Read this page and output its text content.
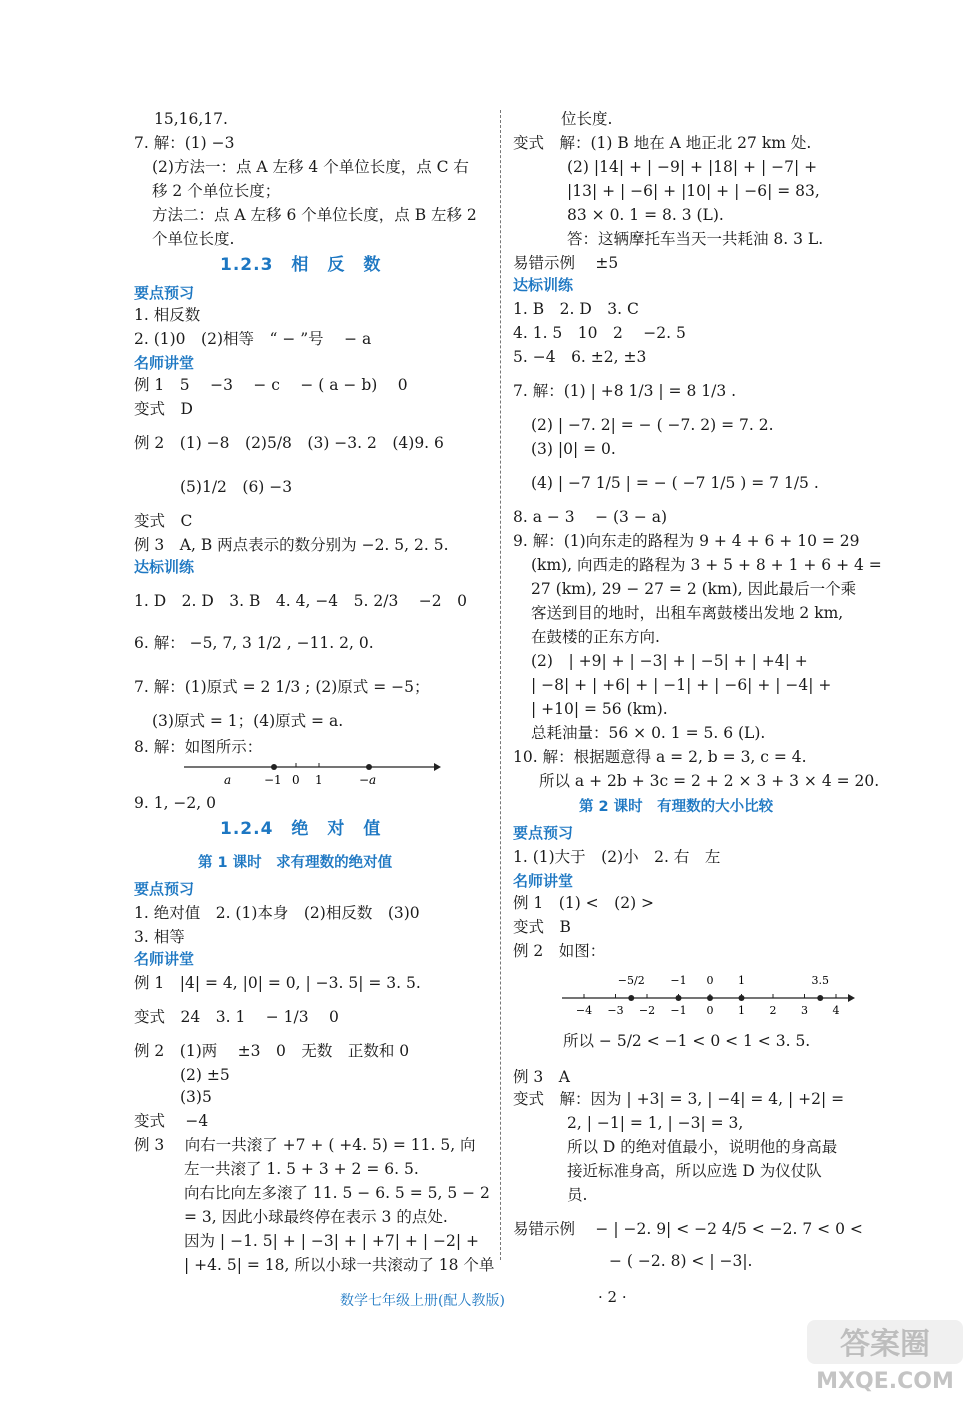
15,16,17.
7. 解：(1) −3
(2)方法一：点 A 左移 4 个单位长度，点 C 右
移 2 个单位长度；
方法二：点 A 左移 6 个单位长度，点 B 左移 2
个单位长度.
1.2.3　相　反　数
要点预习
1. 相反数
2. (1)0　(2)相等　“ − ”号　 − a
名师讲堂
例 1　5　 −3　 − c　 − ( a − b)　 0
变式　D
例 2　(1) −8　(2)5/8　(3) −3. 2　(4)9. 6
(5)1/2　(6) −3
变式　C
例 3　A, B 两点表示的数分别为 −2. 5, 2. 5.
达标训练
1. D　2. D　3. B　4. 4, −4　5. 2/3　 −2　0
6. 解： −5, 7, 3 1/2 , −11. 2, 0.
7. 解：(1)原式 = 2 1/3 ; (2)原式 = −5；
(3)原式 = 1；(4)原式 = a.
8. 解：如图所示：
9. 1, −2, 0
1.2.4　绝　对　值
第 1 课时　求有理数的绝对值
要点预习
1. 绝对值　2. (1)本身　(2)相反数　(3)0
3. 相等
名师讲堂
例 1　|4| = 4, |0| = 0, | −3. 5| = 3. 5.
变式　24　3. 1　 − 1/3　 0
例 2　(1)两　 ±3　0　无数　正数和 0
(2) ±5
(3)5
变式　 −4
例 3　 向右一共滚了 +7 + ( +4. 5) = 11. 5, 向
左一共滚了 1. 5 + 3 + 2 = 6. 5.
向右比向左多滚了 11. 5 − 6. 5 = 5, 5 − 2
= 3, 因此小球最终停在表示 3 的点处.
因为 | −1. 5| + | −3| + | +7| + | −2| +
| +4. 5| = 18, 所以小球一共滚动了 18 个单
位长度.
变式　解：(1) B 地在 A 地正北 27 km 处.
(2) |14| + | −9| + |18| + | −7| +
|13| + | −6| + |10| + | −6| = 83,
83 × 0. 1 = 8. 3 (L).
答：这辆摩托车当天一共耗油 8. 3 L.
易错示例　 ±5
达标训练
1. B　2. D　3. C
4. 1. 5　10　2　 −2. 5
5. −4　6. ±2, ±3
7. 解：(1) | +8 1/3 | = 8 1/3 .
(2) | −7. 2| = − ( −7. 2) = 7. 2.
(3) |0| = 0.
(4) | −7 1/5 | = − ( −7 1/5 ) = 7 1/5 .
8. a − 3　 − (3 − a)
9. 解：(1)向东走的路程为 9 + 4 + 6 + 10 = 29
(km), 向西走的路程为 3 + 5 + 8 + 1 + 6 + 4 =
27 (km), 29 − 27 = 2 (km), 因此最后一个乘
客送到目的地时，出租车离鼓楼出发地 2 km,
在鼓楼的正东方向.
(2)　| +9| + | −3| + | −5| + | +4| +
| −8| + | +6| + | −1| + | −6| + | −4| +
| +10| = 56 (km).
总耗油量：56 × 0. 1 = 5. 6 (L).
10. 解：根据题意得 a = 2, b = 3, c = 4.
所以 a + 2b + 3c = 2 + 2 × 3 + 3 × 4 = 20.
第 2 课时　有理数的大小比较
要点预习
1. (1)大于　(2)小　2. 右　左
名师讲堂
例 1　(1) <　(2) >
变式　B
例 2　如图：
所以 − 5/2 < −1 < 0 < 1 < 3. 5.
例 3　A
变式　解：因为 | +3| = 3, | −4| = 4, | +2| =
2, | −1| = 1, | −3| = 3,
所以 D 的绝对值最小，说明他的身高最
接近标准身高，所以应选 D 为仪仗队
员.
易错示例　 − | −2. 9| < −2 4/5 < −2. 7 < 0 <
− ( −2. 8) < | −3|.
a	−1 0 1	−a
−4 −3 −2 −1 0 1 2 3 4
−5/2 −1 0 1	3.5
数学七年级上册(配人教版)	· 2 ·
答案圈
MXQE.COM
